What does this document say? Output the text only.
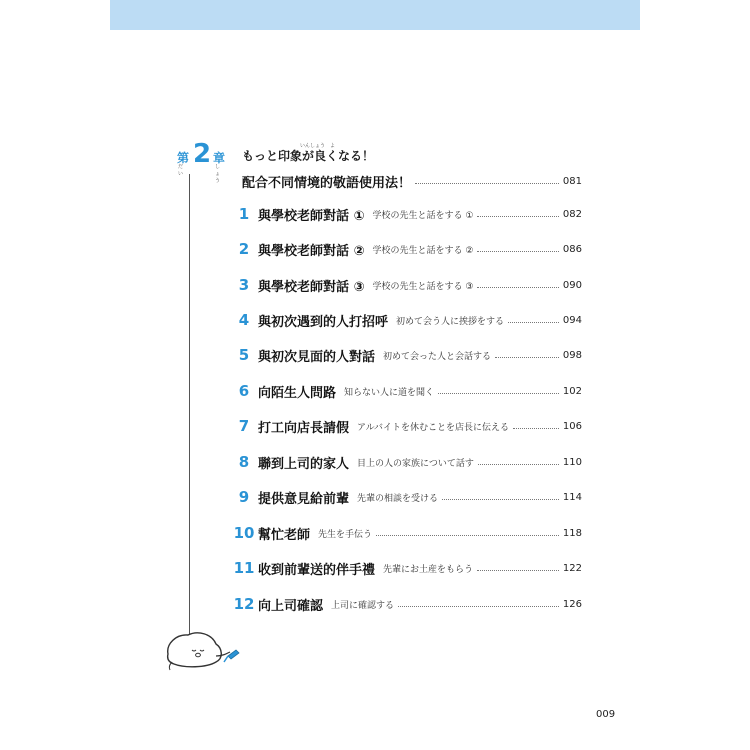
第 2 章
だい
しょう
いんしょう よ
もっと印象が良くなる！
配合不同情境的敬語使用法！	081
1 與學校老師對話 ① 学校の先生と話をする ①	082
2 與學校老師對話 ② 学校の先生と話をする ②	086
3 與學校老師對話 ③ 学校の先生と話をする ③	090
4 與初次遇到的人打招呼 初めて会う人に挨拶をする	094
5 與初次見面的人對話 初めて会った人と会話する	098
6 向陌生人問路 知らない人に道を聞く	102
7 打工向店長請假 アルバイトを休むことを店長に伝える	106
8 聯到上司的家人 目上の人の家族について話す	110
9 提供意見給前輩 先輩の相談を受ける	114
10 幫忙老師 先生を手伝う	118
11 收到前輩送的伴手禮 先輩にお土産をもらう	122
12 向上司確認 上司に確認する	126
009
